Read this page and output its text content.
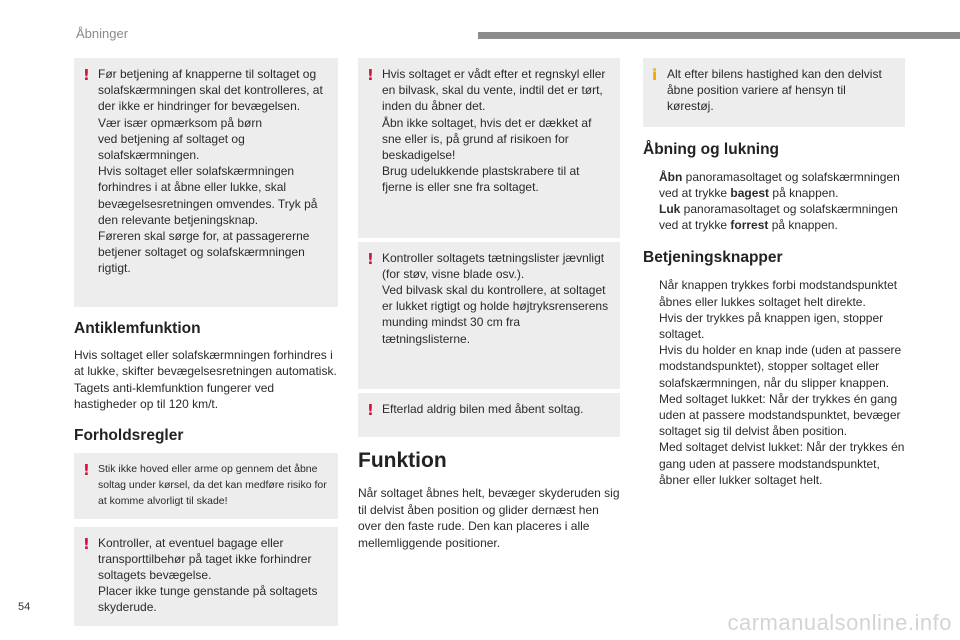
Åbninger
! Før betjening af knapperne til soltaget og solafskærmningen skal det kontrolleres, at der ikke er hindringer for bevægelsen.
Vær især opmærksom på børn
ved betjening af soltaget og solafskærmningen.
Hvis soltaget eller solafskærmningen forhindres i at åbne eller lukke, skal bevægelsesretningen omvendes. Tryk på den relevante betjeningsknap.
Føreren skal sørge for, at passagererne betjener soltaget og solafskærmningen rigtigt.

Antiklemfunktion

Hvis soltaget eller solafskærmningen forhindres i at lukke, skifter bevægelsesretningen automatisk.
Tagets anti-klemfunktion fungerer ved hastigheder op til 120 km/t.

Forholdsregler
! Stik ikke hoved eller arme op gennem det åbne soltag under kørsel, da det kan medføre risiko for at komme alvorligt til skade!

! Kontroller, at eventuel bagage eller transporttilbehør på taget ikke forhindrer soltagets bevægelse.
Placer ikke tunge genstande på soltagets skyderude.

! Hvis soltaget er vådt efter et regnskyl eller en bilvask, skal du vente, indtil det er tørt, inden du åbner det.
Åbn ikke soltaget, hvis det er dækket af sne eller is, på grund af risikoen for beskadigelse!
Brug udelukkende plastskrabere til at fjerne is eller sne fra soltaget.

! Kontroller soltagets tætningslister jævnligt (for støv, visne blade osv.).
Ved bilvask skal du kontrollere, at soltaget er lukket rigtigt og holde højtryksrenserens munding mindst 30 cm fra tætningslisterne.

! Efterlad aldrig bilen med åbent soltag.

Funktion

Når soltaget åbnes helt, bevæger skyderuden sig til delvist åben position og glider dernæst hen over den faste rude. Den kan placeres i alle mellemliggende positioner.

i Alt efter bilens hastighed kan den delvist åbne position variere af hensyn til kørestøj.

Åbning og lukning
Åbn panoramasoltaget og solafskærmningen ved at trykke bagest på knappen.
Luk panoramasoltaget og solafskærmningen ved at trykke forrest på knappen.
Betjeningsknapper
Når knappen trykkes forbi modstandspunktet åbnes eller lukkes soltaget helt direkte.
Hvis der trykkes på knappen igen, stopper soltaget.
Hvis du holder en knap inde (uden at passere modstandspunktet), stopper soltaget eller solafskærmningen, når du slipper knappen.
Med soltaget lukket: Når der trykkes én gang uden at passere modstandspunktet, bevæger soltaget sig til delvist åben position.
Med soltaget delvist lukket: Når der trykkes én gang uden at passere modstandspunktet, åbner eller lukker soltaget helt.
54
carmanualsonline.info
